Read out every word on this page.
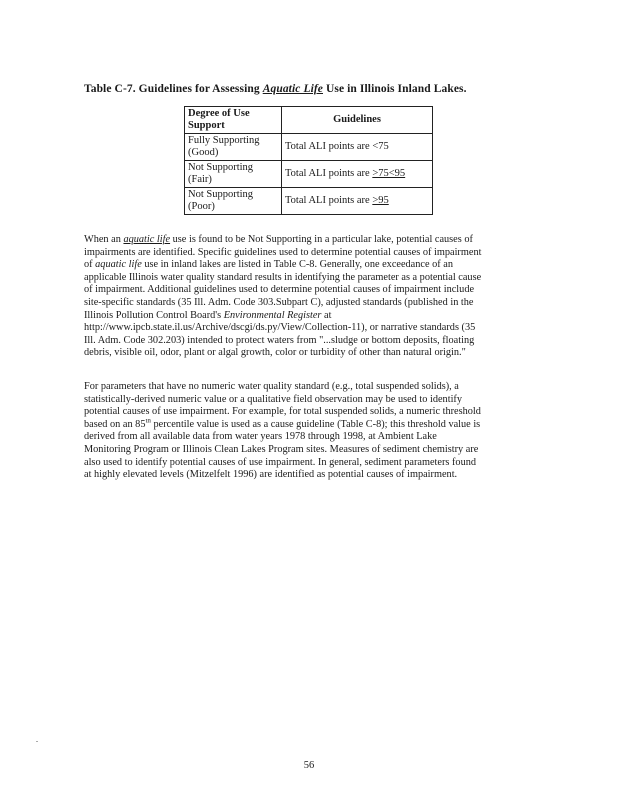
Table C-7. Guidelines for Assessing Aquatic Life Use in Illinois Inland Lakes.
Degree of Use Support	Guidelines
Fully Supporting (Good)	Total ALI points are <75
Not Supporting (Fair)	Total ALI points are >75<95
Not Supporting (Poor)	Total ALI points are >95
When an aquatic life use is found to be Not Supporting in a particular lake, potential causes of
impairments are identified. Specific guidelines used to determine potential causes of impairment
of aquatic life use in inland lakes are listed in Table C-8. Generally, one exceedance of an
applicable Illinois water quality standard results in identifying the parameter as a potential cause
of impairment. Additional guidelines used to determine potential causes of impairment include
site-specific standards (35 Ill. Adm. Code 303.Subpart C), adjusted standards (published in the
Illinois Pollution Control Board's Environmental Register at
http://www.ipcb.state.il.us/Archive/dscgi/ds.py/View/Collection-11), or narrative standards (35
Ill. Adm. Code 302.203) intended to protect waters from "...sludge or bottom deposits, floating
debris, visible oil, odor, plant or algal growth, color or turbidity of other than natural origin."
For parameters that have no numeric water quality standard (e.g., total suspended solids), a
statistically-derived numeric value or a qualitative field observation may be used to identify
potential causes of use impairment. For example, for total suspended solids, a numeric threshold
based on an 85th percentile value is used as a cause guideline (Table C-8); this threshold value is
derived from all available data from water years 1978 through 1998, at Ambient Lake
Monitoring Program or Illinois Clean Lakes Program sites. Measures of sediment chemistry are
also used to identify potential causes of use impairment. In general, sediment parameters found
at highly elevated levels (Mitzelfelt 1996) are identified as potential causes of impairment.
.
56
